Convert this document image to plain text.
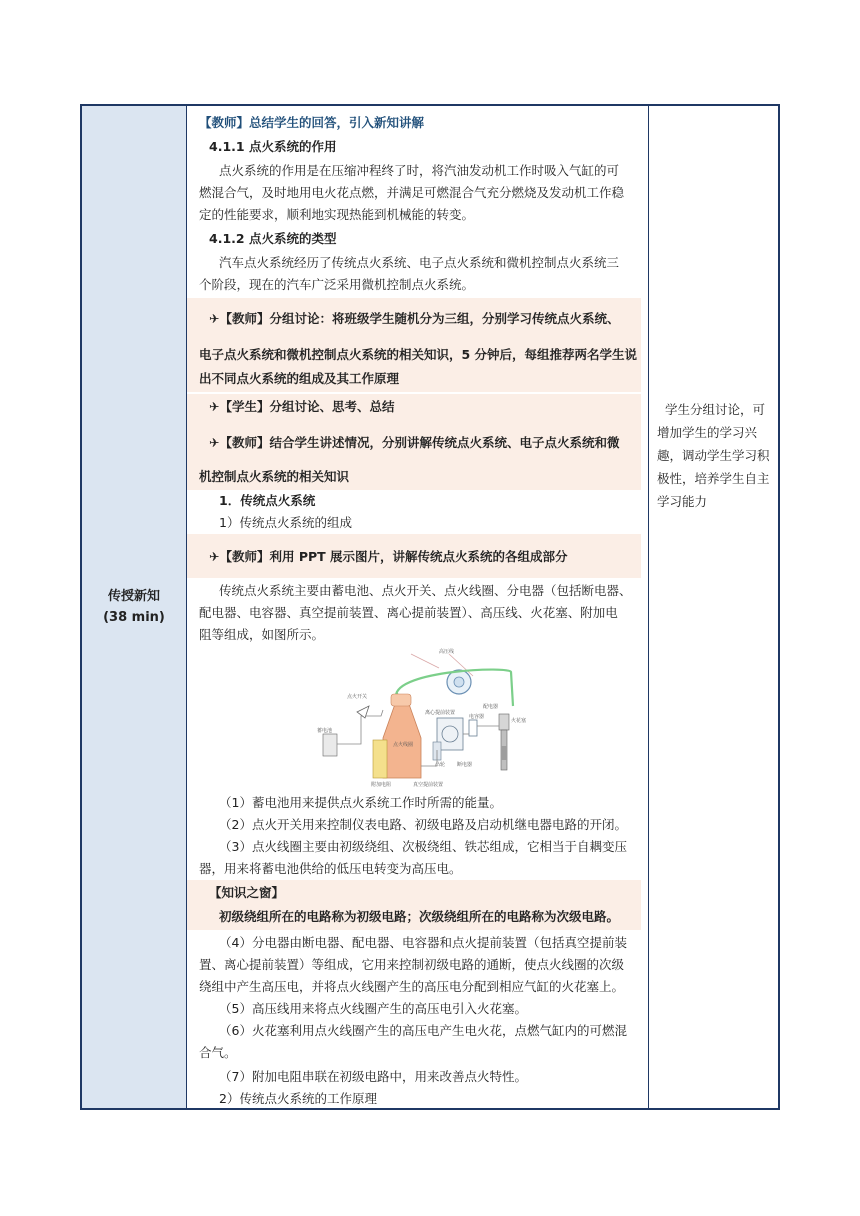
传授新知
(38 min)
【教师】总结学生的回答，引入新知讲解
4.1.1 点火系统的作用
点火系统的作用是在压缩冲程终了时，将汽油发动机工作时吸入气缸的可
燃混合气，及时地用电火花点燃，并满足可燃混合气充分燃烧及发动机工作稳
定的性能要求，顺利地实现热能到机械能的转变。
4.1.2 点火系统的类型
汽车点火系统经历了传统点火系统、电子点火系统和微机控制点火系统三
个阶段，现在的汽车广泛采用微机控制点火系统。
✈【教师】分组讨论：将班级学生随机分为三组，分别学习传统点火系统、
电子点火系统和微机控制点火系统的相关知识，5 分钟后，每组推荐两名学生说
出不同点火系统的组成及其工作原理
✈【学生】分组讨论、思考、总结
✈【教师】结合学生讲述情况，分别讲解传统点火系统、电子点火系统和微
机控制点火系统的相关知识
1．传统点火系统
1）传统点火系统的组成
✈【教师】利用 PPT 展示图片，讲解传统点火系统的各组成部分
传统点火系统主要由蓄电池、点火开关、点火线圈、分电器（包括断电器、
配电器、电容器、真空提前装置、离心提前装置）、高压线、火花塞、附加电
阻等组成，如图所示。
高压线
点火开关
配电器
离心提前装置
电容器
火花塞
蓄电池
点火线圈
附加电阻	真空提前装置
凸轮 断电器
（1）蓄电池用来提供点火系统工作时所需的能量。
（2）点火开关用来控制仪表电路、初级电路及启动机继电器电路的开闭。
（3）点火线圈主要由初级绕组、次极绕组、铁芯组成，它相当于自耦变压
器，用来将蓄电池供给的低压电转变为高压电。
【知识之窗】
初级绕组所在的电路称为初级电路；次级绕组所在的电路称为次级电路。
（4）分电器由断电器、配电器、电容器和点火提前装置（包括真空提前装
置、离心提前装置）等组成，它用来控制初级电路的通断，使点火线圈的次级
绕组中产生高压电，并将点火线圈产生的高压电分配到相应气缸的火花塞上。
（5）高压线用来将点火线圈产生的高压电引入火花塞。
（6）火花塞利用点火线圈产生的高压电产生电火花，点燃气缸内的可燃混
合气。
（7）附加电阻串联在初级电路中，用来改善点火特性。
2）传统点火系统的工作原理
学生分组讨论，可
增加学生的学习兴
趣，调动学生学习积
极性，培养学生自主
学习能力
